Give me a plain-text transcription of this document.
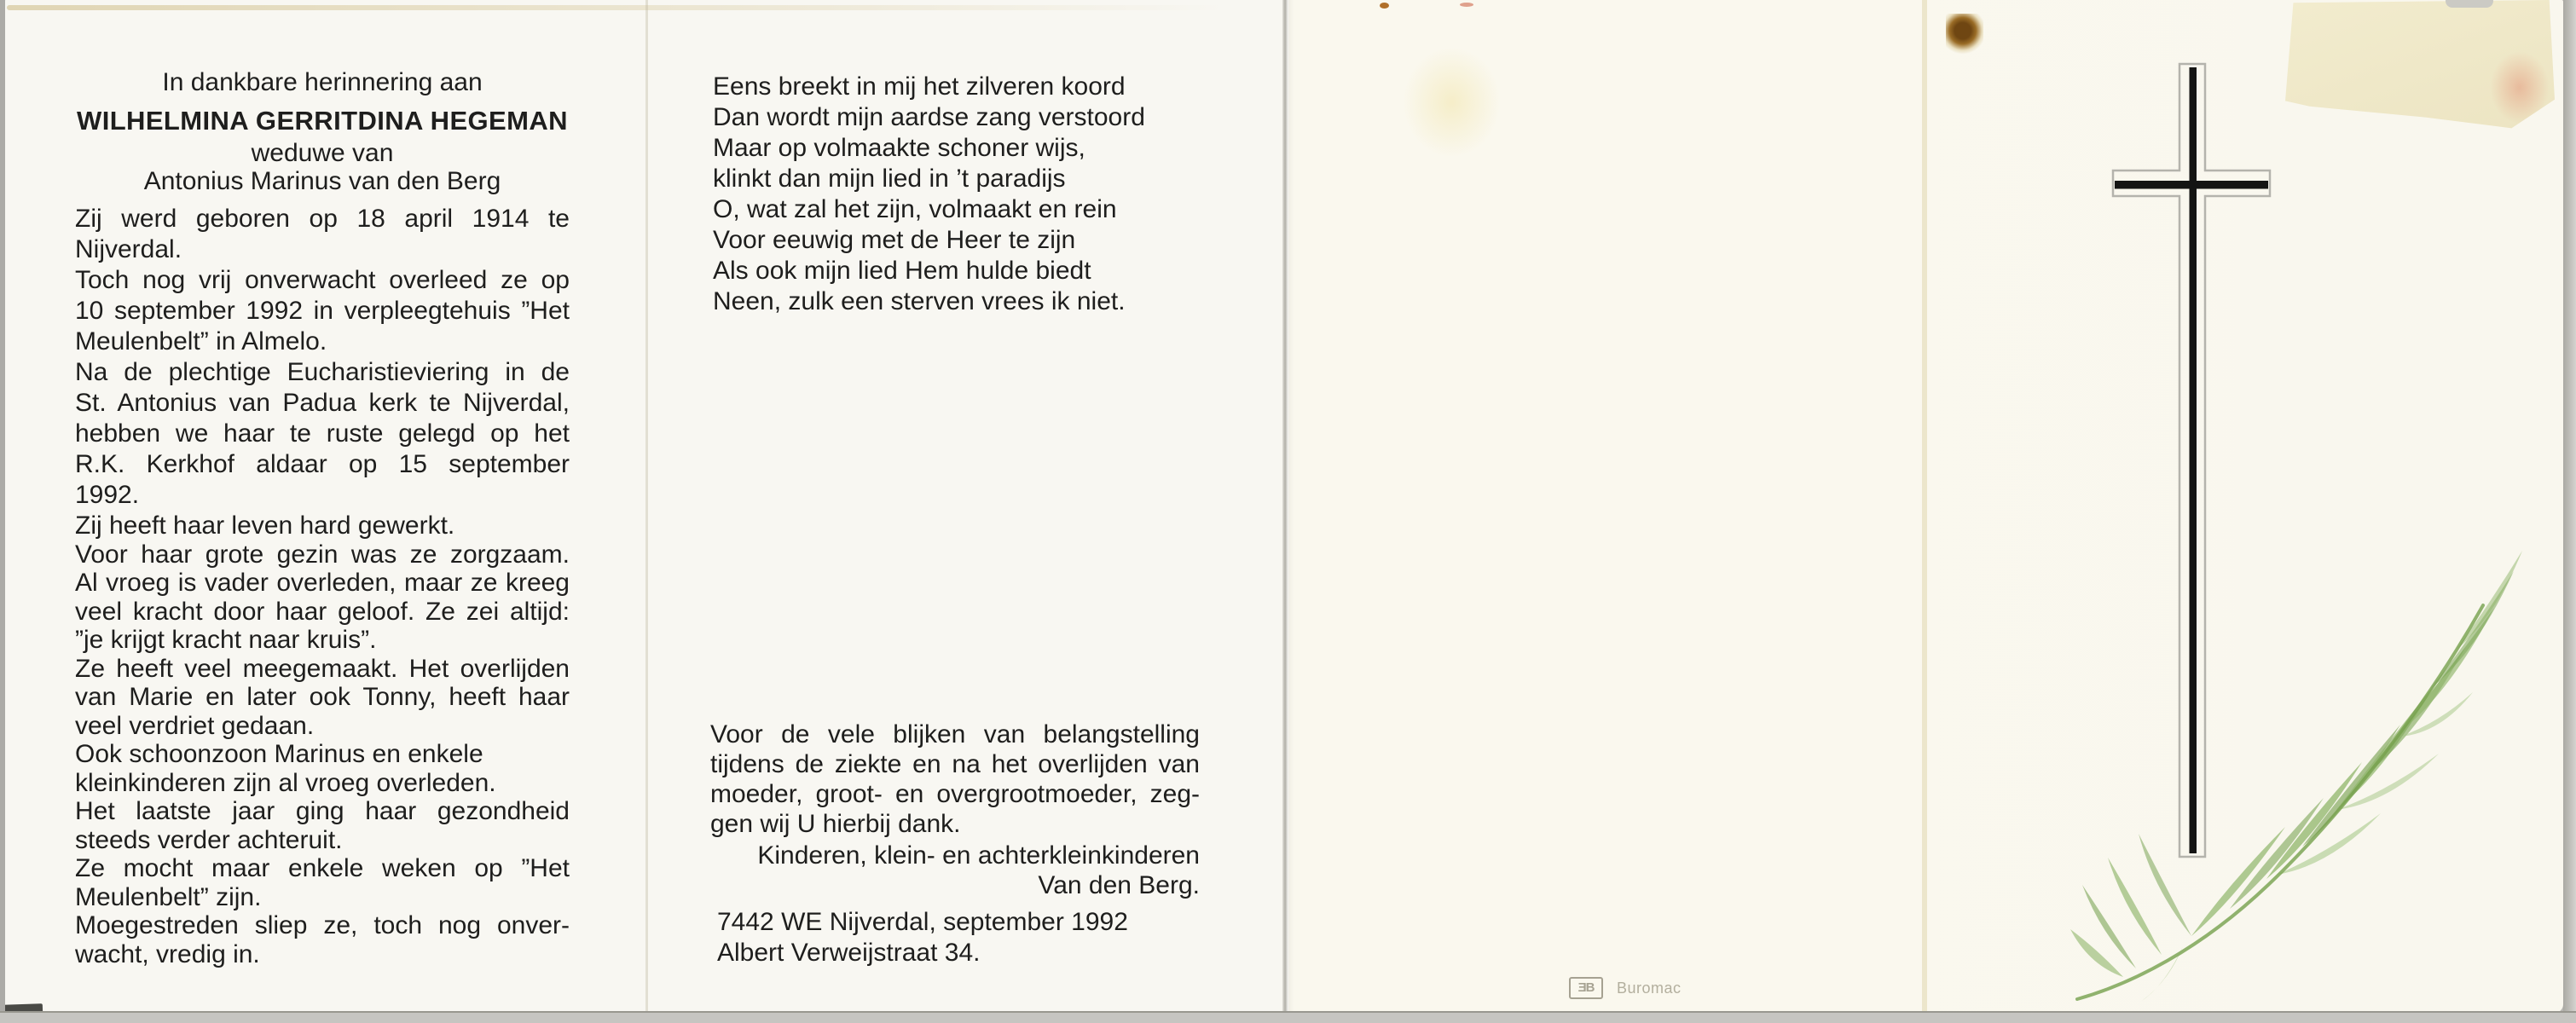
In dankbare herinnering aan
WILHELMINA GERRITDINA HEGEMAN
weduwe van
Antonius Marinus van den Berg
Zij werd geboren op 18 april 1914 te
Nijverdal.
Toch nog vrij onverwacht overleed ze op
10 september 1992 in verpleegtehuis ”Het
Meulenbelt” in Almelo.
Na de plechtige Eucharistieviering in de
St. Antonius van Padua kerk te Nijverdal,
hebben we haar te ruste gelegd op het
R.K. Kerkhof aldaar op 15 september
1992.
Zij heeft haar leven hard gewerkt.
Voor haar grote gezin was ze zorgzaam.
Al vroeg is vader overleden, maar ze kreeg
veel kracht door haar geloof. Ze zei altijd:
”je krijgt kracht naar kruis”.
Ze heeft veel meegemaakt. Het overlijden
van Marie en later ook Tonny, heeft haar
veel verdriet gedaan.
Ook schoonzoon Marinus en enkele
kleinkinderen zijn al vroeg overleden.
Het laatste jaar ging haar gezondheid
steeds verder achteruit.
Ze mocht maar enkele weken op ”Het
Meulenbelt” zijn.
Moegestreden sliep ze, toch nog onver-
wacht, vredig in.
Eens breekt in mij het zilveren koord
Dan wordt mijn aardse zang verstoord
Maar op volmaakte schoner wijs,
klinkt dan mijn lied in ’t paradijs
O, wat zal het zijn, volmaakt en rein
Voor eeuwig met de Heer te zijn
Als ook mijn lied Hem hulde biedt
Neen, zulk een sterven vrees ik niet.
Voor de vele blijken van belangstelling
tijdens de ziekte en na het overlijden van
moeder, groot- en overgrootmoeder, zeg-
gen wij U hierbij dank.
Kinderen, klein- en achterkleinkinderen
Van den Berg.
7442 WE Nijverdal, september 1992
Albert Verweijstraat 34.
ƎB	Buromac
